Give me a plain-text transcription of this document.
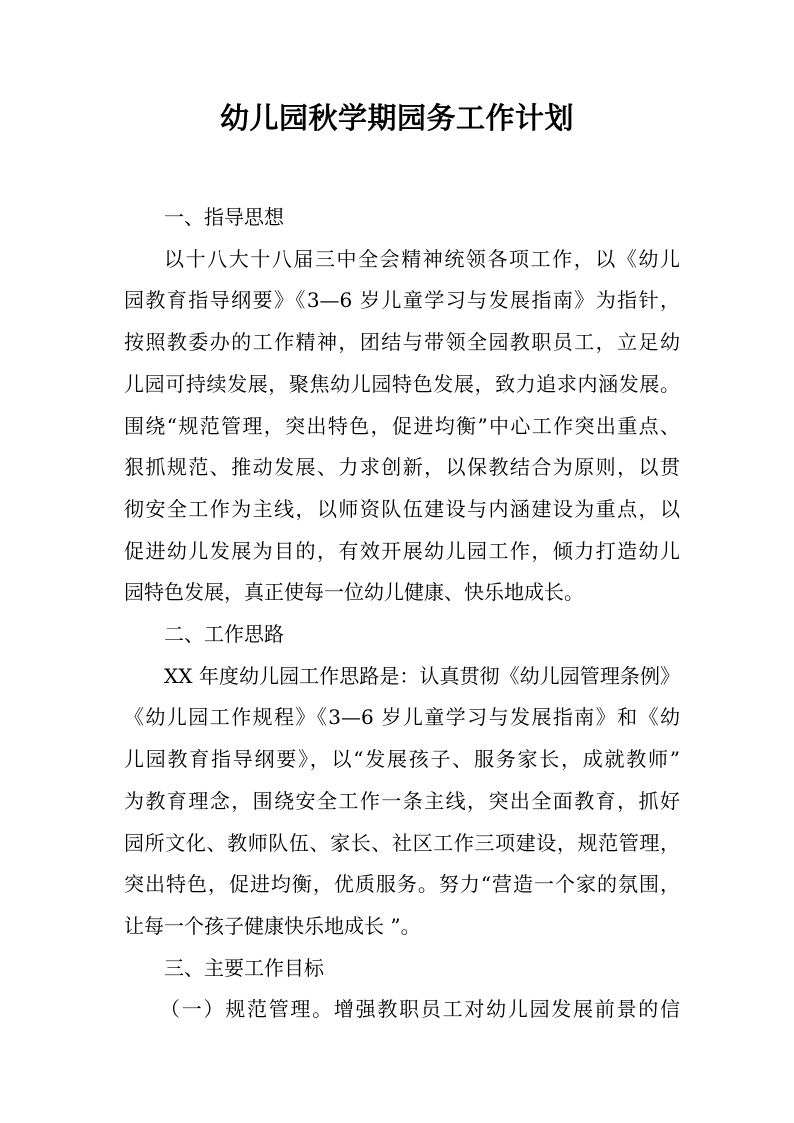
幼儿园秋学期园务工作计划
一、指导思想
以十八大十八届三中全会精神统领各项工作，以《幼儿
园教育指导纲要》《3—6 岁儿童学习与发展指南》为指针，
按照教委办的工作精神，团结与带领全园教职员工，立足幼
儿园可持续发展，聚焦幼儿园特色发展，致力追求内涵发展。
围绕“规范管理，突出特色，促进均衡”中心工作突出重点、
狠抓规范、推动发展、力求创新，以保教结合为原则，以贯
彻安全工作为主线，以师资队伍建设与内涵建设为重点，以
促进幼儿发展为目的，有效开展幼儿园工作，倾力打造幼儿
园特色发展，真正使每一位幼儿健康、快乐地成长。
二、工作思路
XX 年度幼儿园工作思路是：认真贯彻《幼儿园管理条例》
《幼儿园工作规程》《3—6 岁儿童学习与发展指南》和《幼
儿园教育指导纲要》，以“发展孩子、服务家长，成就教师”
为教育理念，围绕安全工作一条主线，突出全面教育，抓好
园所文化、教师队伍、家长、社区工作三项建设，规范管理，
突出特色，促进均衡，优质服务。努力“营造一个家的氛围，
让每一个孩子健康快乐地成长 ”。
三、主要工作目标
（一）规范管理。增强教职员工对幼儿园发展前景的信
